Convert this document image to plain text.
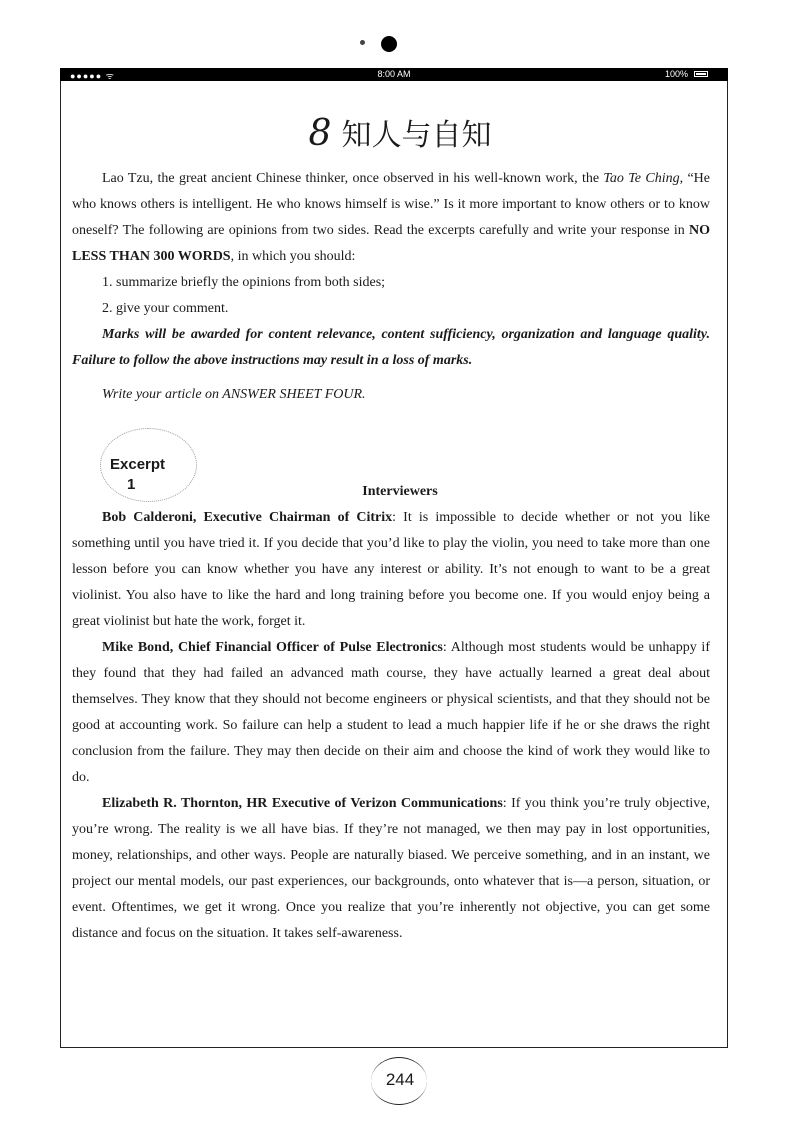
●●●●● ᯤ	8:00 AM	100%
8 知人与自知

Lao Tzu, the great ancient Chinese thinker, once observed in his well-known work, the Tao Te Ching, “He who knows others is intelligent. He who knows himself is wise.” Is it more important to know others or to know oneself? The following are opinions from two sides. Read the excerpts carefully and write your response in NO LESS THAN 300 WORDS, in which you should:

1. summarize briefly the opinions from both sides;

2. give your comment.

Marks will be awarded for content relevance, content sufficiency, organization and language quality. Failure to follow the above instructions may result in a loss of marks.

Write your article on ANSWER SHEET FOUR.

Excerpt
1	Interviewers

Bob Calderoni, Executive Chairman of Citrix: It is impossible to decide whether or not you like something until you have tried it. If you decide that you’d like to play the violin, you need to take more than one lesson before you can know whether you have any interest or ability. It’s not enough to want to be a great violinist. You also have to like the hard and long training before you become one. If you would enjoy being a great violinist but hate the work, forget it.

Mike Bond, Chief Financial Officer of Pulse Electronics: Although most students would be unhappy if they found that they had failed an advanced math course, they have actually learned a great deal about themselves. They know that they should not become engineers or physical scientists, and that they should not be good at accounting work. So failure can help a student to lead a much happier life if he or she draws the right conclusion from the failure. They may then decide on their aim and choose the kind of work they would like to do.

Elizabeth R. Thornton, HR Executive of Verizon Communications: If you think you’re truly objective, you’re wrong. The reality is we all have bias. If they’re not managed, we then may pay in lost opportunities, money, relationships, and other ways. People are naturally biased. We perceive something, and in an instant, we project our mental models, our past experiences, our backgrounds, onto whatever that is—a person, situation, or event. Oftentimes, we get it wrong. Once you realize that you’re inherently not objective, you can get some distance and focus on the situation. It takes self-awareness.

244
